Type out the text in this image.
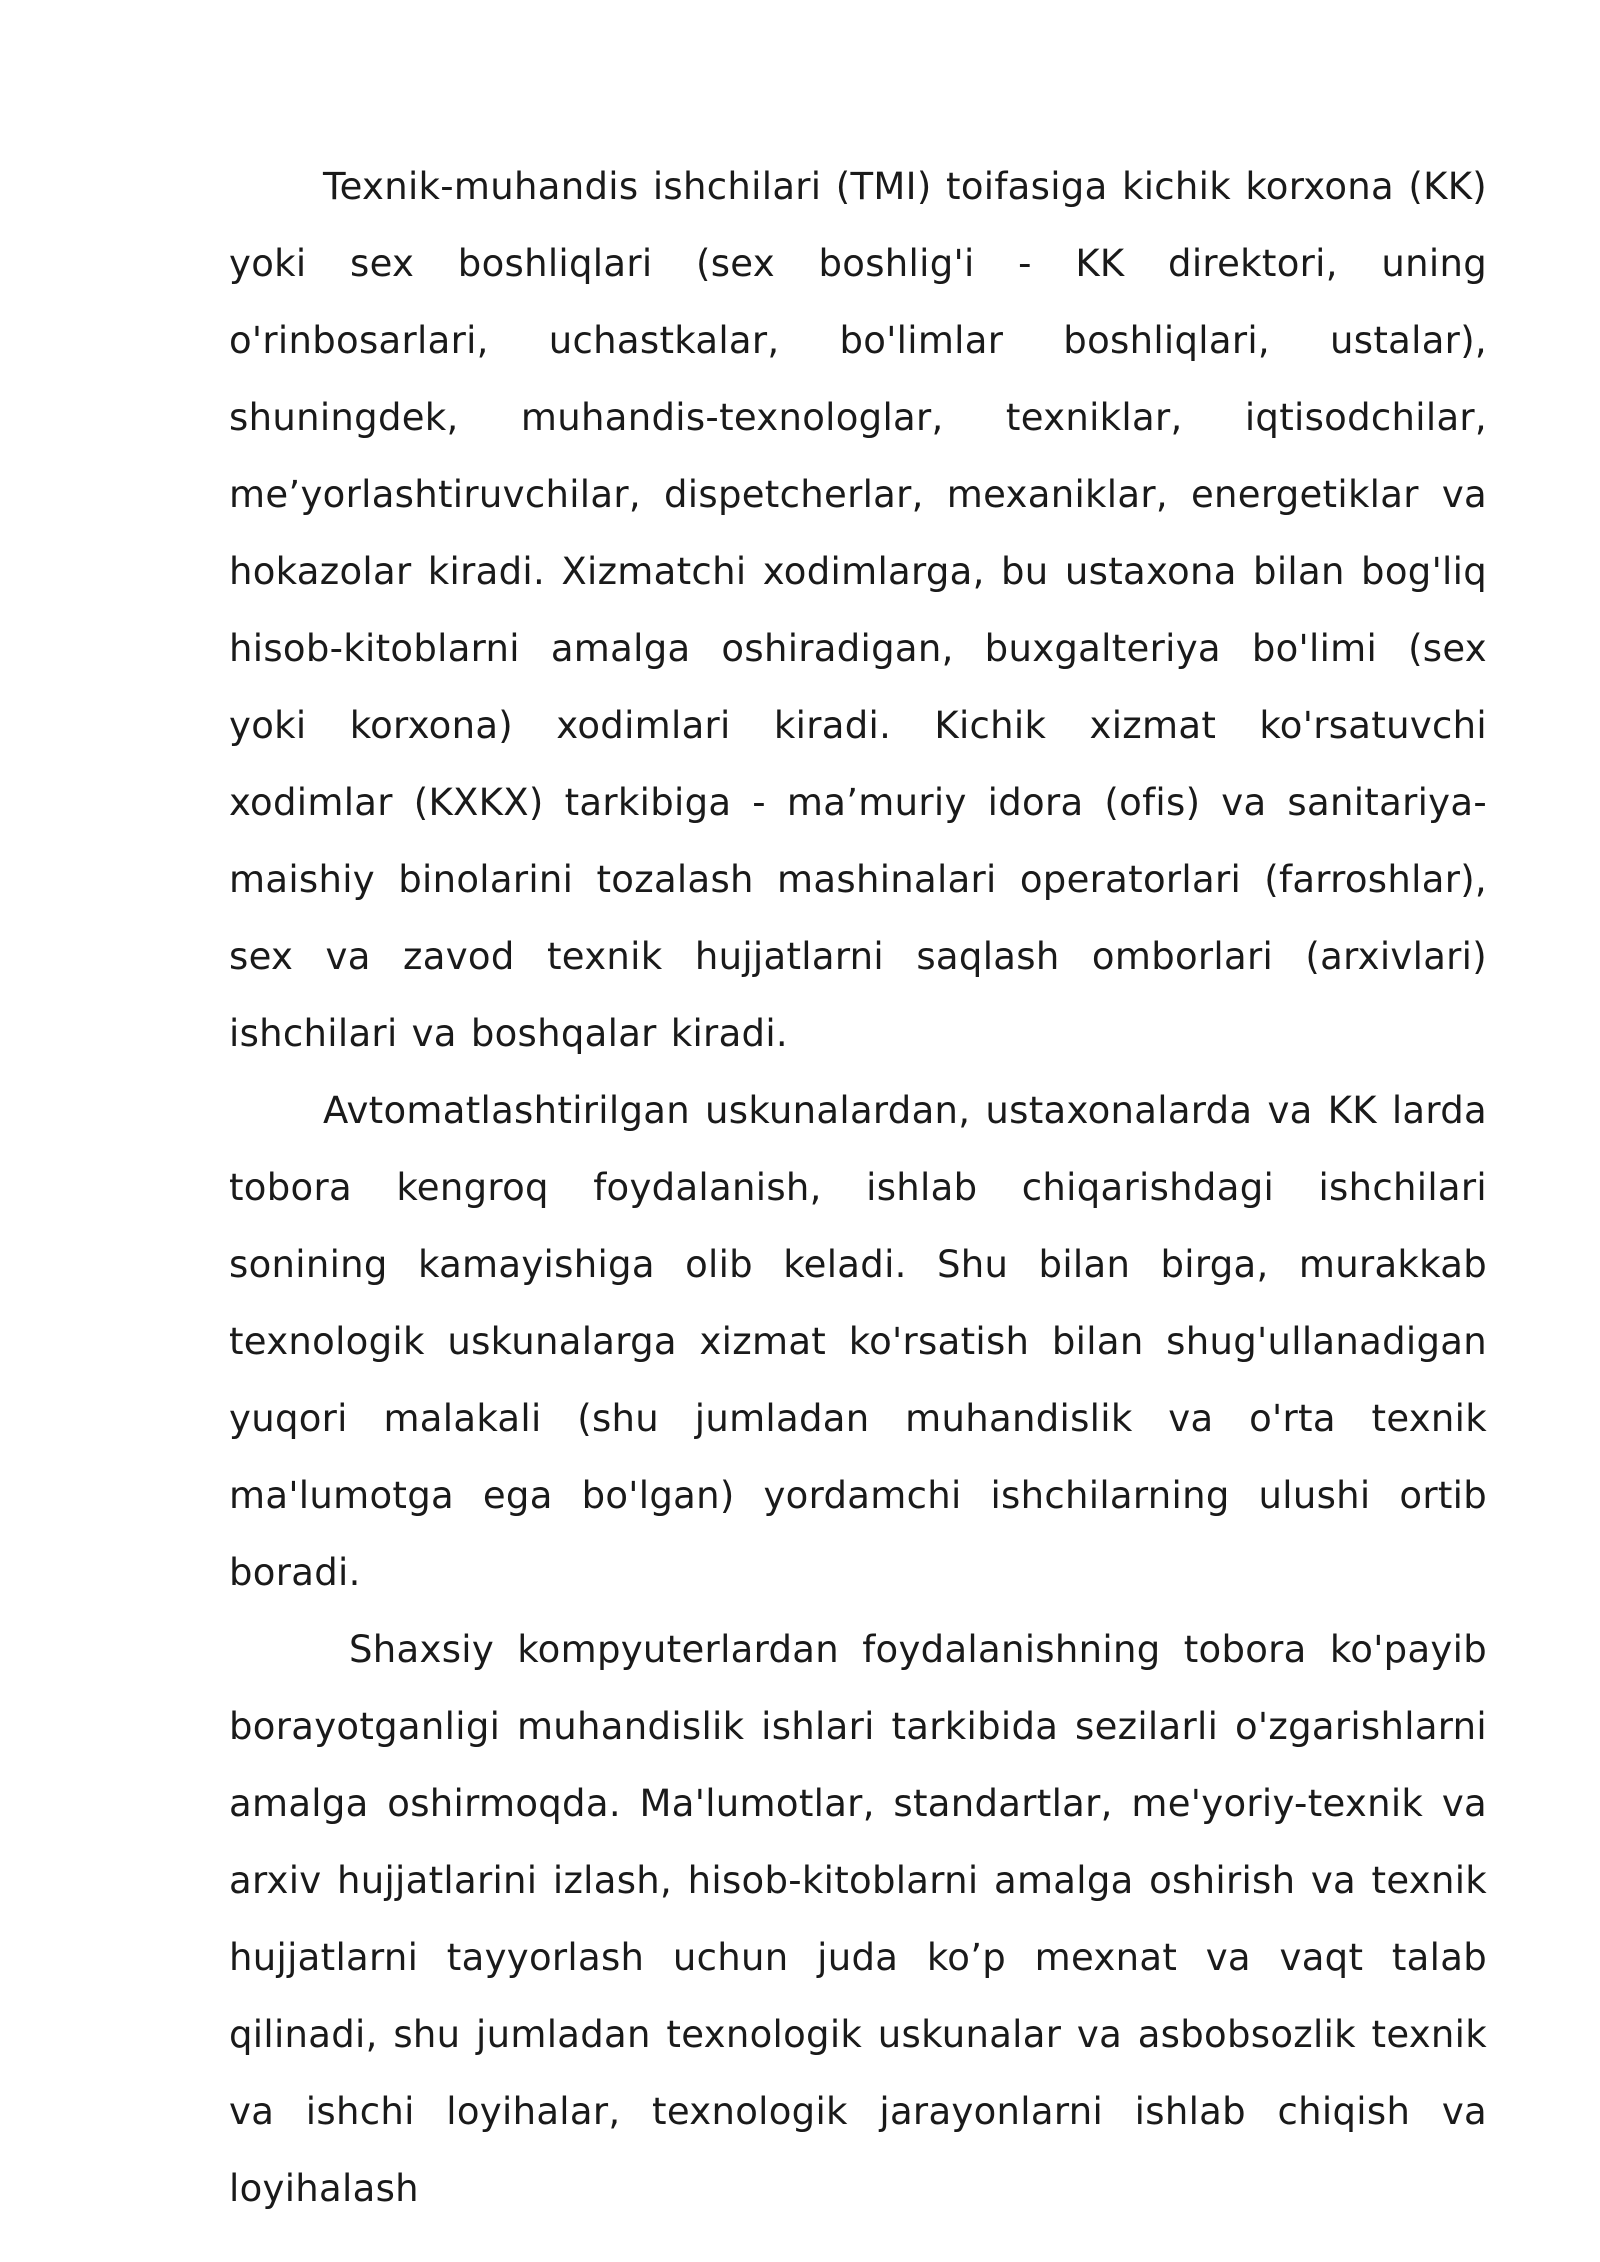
Texnik-muhandis ishchilari (TMI) toifasiga kichik korxona (KK) yoki sex boshliqlari (sex boshlig'i - KK direktori, uning o'rinbosarlari, uchastkalar, bo'limlar boshliqlari, ustalar), shuningdek, muhandis-texnologlar, texniklar, iqtisodchilar, me’yorlashtiruvchilar, dispetcherlar, mexaniklar, energetiklar va hokazolar kiradi. Xizmatchi xodimlarga, bu ustaxona bilan bog'liq hisob-kitoblarni amalga oshiradigan, buxgalteriya bo'limi (sex yoki korxona) xodimlari kiradi. Kichik xizmat ko'rsatuvchi xodimlar (KXKX) tarkibiga - ma’muriy idora (ofis) va sanitariya-maishiy binolarini tozalash mashinalari operatorlari (farroshlar), sex va zavod texnik hujjatlarni saqlash omborlari (arxivlari) ishchilari va boshqalar kiradi.

Avtomatlashtirilgan uskunalardan, ustaxonalarda va KK larda tobora kengroq foydalanish, ishlab chiqarishdagi ishchilari sonining kamayishiga olib keladi. Shu bilan birga, murakkab texnologik uskunalarga xizmat ko'rsatish bilan shug'ullanadigan yuqori malakali (shu jumladan muhandislik va o'rta texnik ma'lumotga ega bo'lgan) yordamchi ishchilarning ulushi ortib boradi.

Shaxsiy kompyuterlardan foydalanishning tobora ko'payib borayotganligi muhandislik ishlari tarkibida sezilarli o'zgarishlarni amalga oshirmoqda. Ma'lumotlar, standartlar, me'yoriy-texnik va arxiv hujjatlarini izlash, hisob-kitoblarni amalga oshirish va texnik hujjatlarni tayyorlash uchun juda ko’p mexnat va vaqt talab qilinadi, shu jumladan texnologik uskunalar va asbobsozlik texnik va ishchi loyihalar, texnologik jarayonlarni ishlab chiqish va loyihalash
